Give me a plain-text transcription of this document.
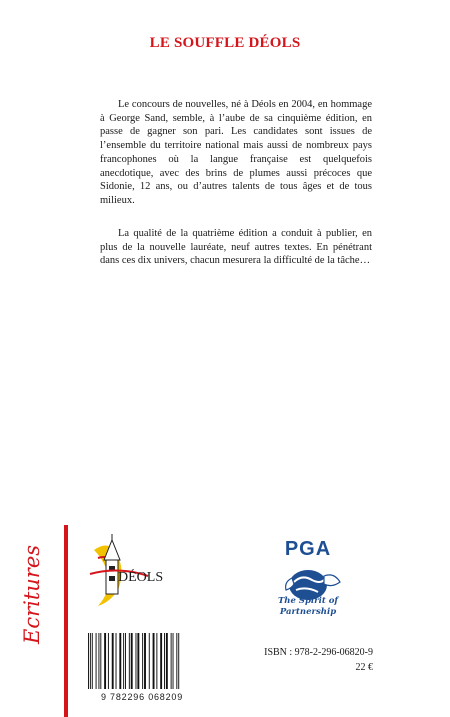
LE SOUFFLE DÉOLS

Le concours de nouvelles, né à Déols en 2004, en hommage à George Sand, semble, à l’aube de sa cinquième édition, en passe de gagner son pari. Les candidates sont issues de l’ensemble du territoire national mais aussi de nombreux pays francophones où la langue française est quelquefois anecdotique, avec des brins de plumes aussi précoces que Sidonie, 12 ans, ou d’autres talents de tous âges et de tous milieux.

La qualité de la quatrième édition a conduit à publier, en plus de la nouvelle lauréate, neuf autres textes. En pénétrant dans ces dix univers, chacun mesurera la difficulté de la tâche…

Ecritures	DÉOLS
PGA
The Spirit of Partnership
9 782296 068209
ISBN : 978-2-296-06820-9
22 €
